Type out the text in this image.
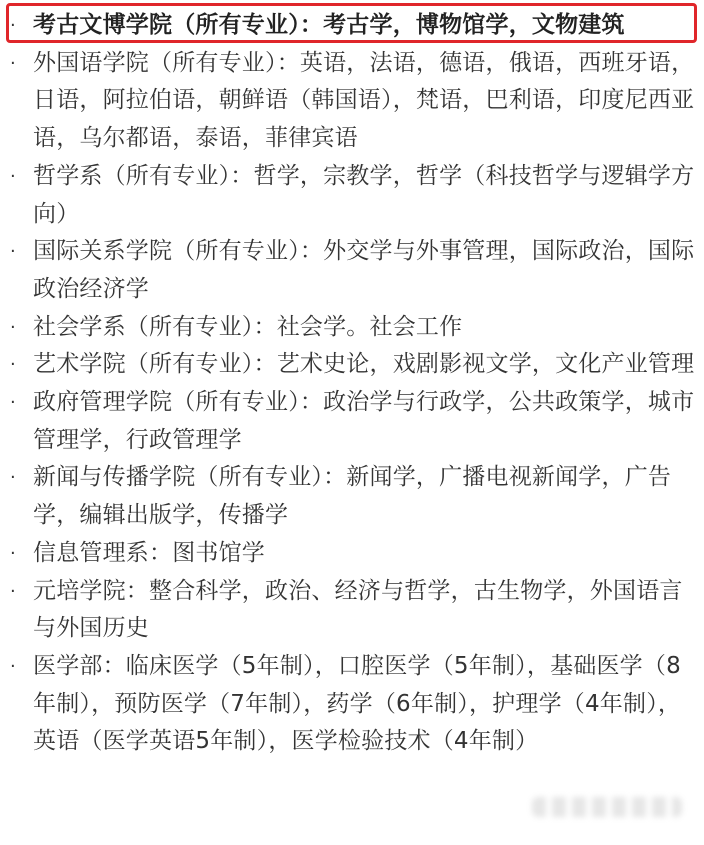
· 考古文博学院（所有专业）：考古学，博物馆学，文物建筑
· 外国语学院（所有专业）：英语，法语，德语，俄语，西班牙语，日语，阿拉伯语，朝鲜语（韩国语），梵语，巴利语，印度尼西亚语，乌尔都语，泰语，菲律宾语
· 哲学系（所有专业）：哲学，宗教学，哲学（科技哲学与逻辑学方向）
· 国际关系学院（所有专业）：外交学与外事管理，国际政治，国际政治经济学
· 社会学系（所有专业）：社会学。社会工作
· 艺术学院（所有专业）：艺术史论，戏剧影视文学，文化产业管理
· 政府管理学院（所有专业）：政治学与行政学，公共政策学，城市管理学，行政管理学
· 新闻与传播学院（所有专业）：新闻学，广播电视新闻学，广告学，编辑出版学，传播学
· 信息管理系：图书馆学
· 元培学院：整合科学，政治、经济与哲学，古生物学，外国语言与外国历史
· 医学部：临床医学（5年制），口腔医学（5年制），基础医学（8年制），预防医学（7年制），药学（6年制），护理学（4年制），英语（医学英语5年制），医学检验技术（4年制）
